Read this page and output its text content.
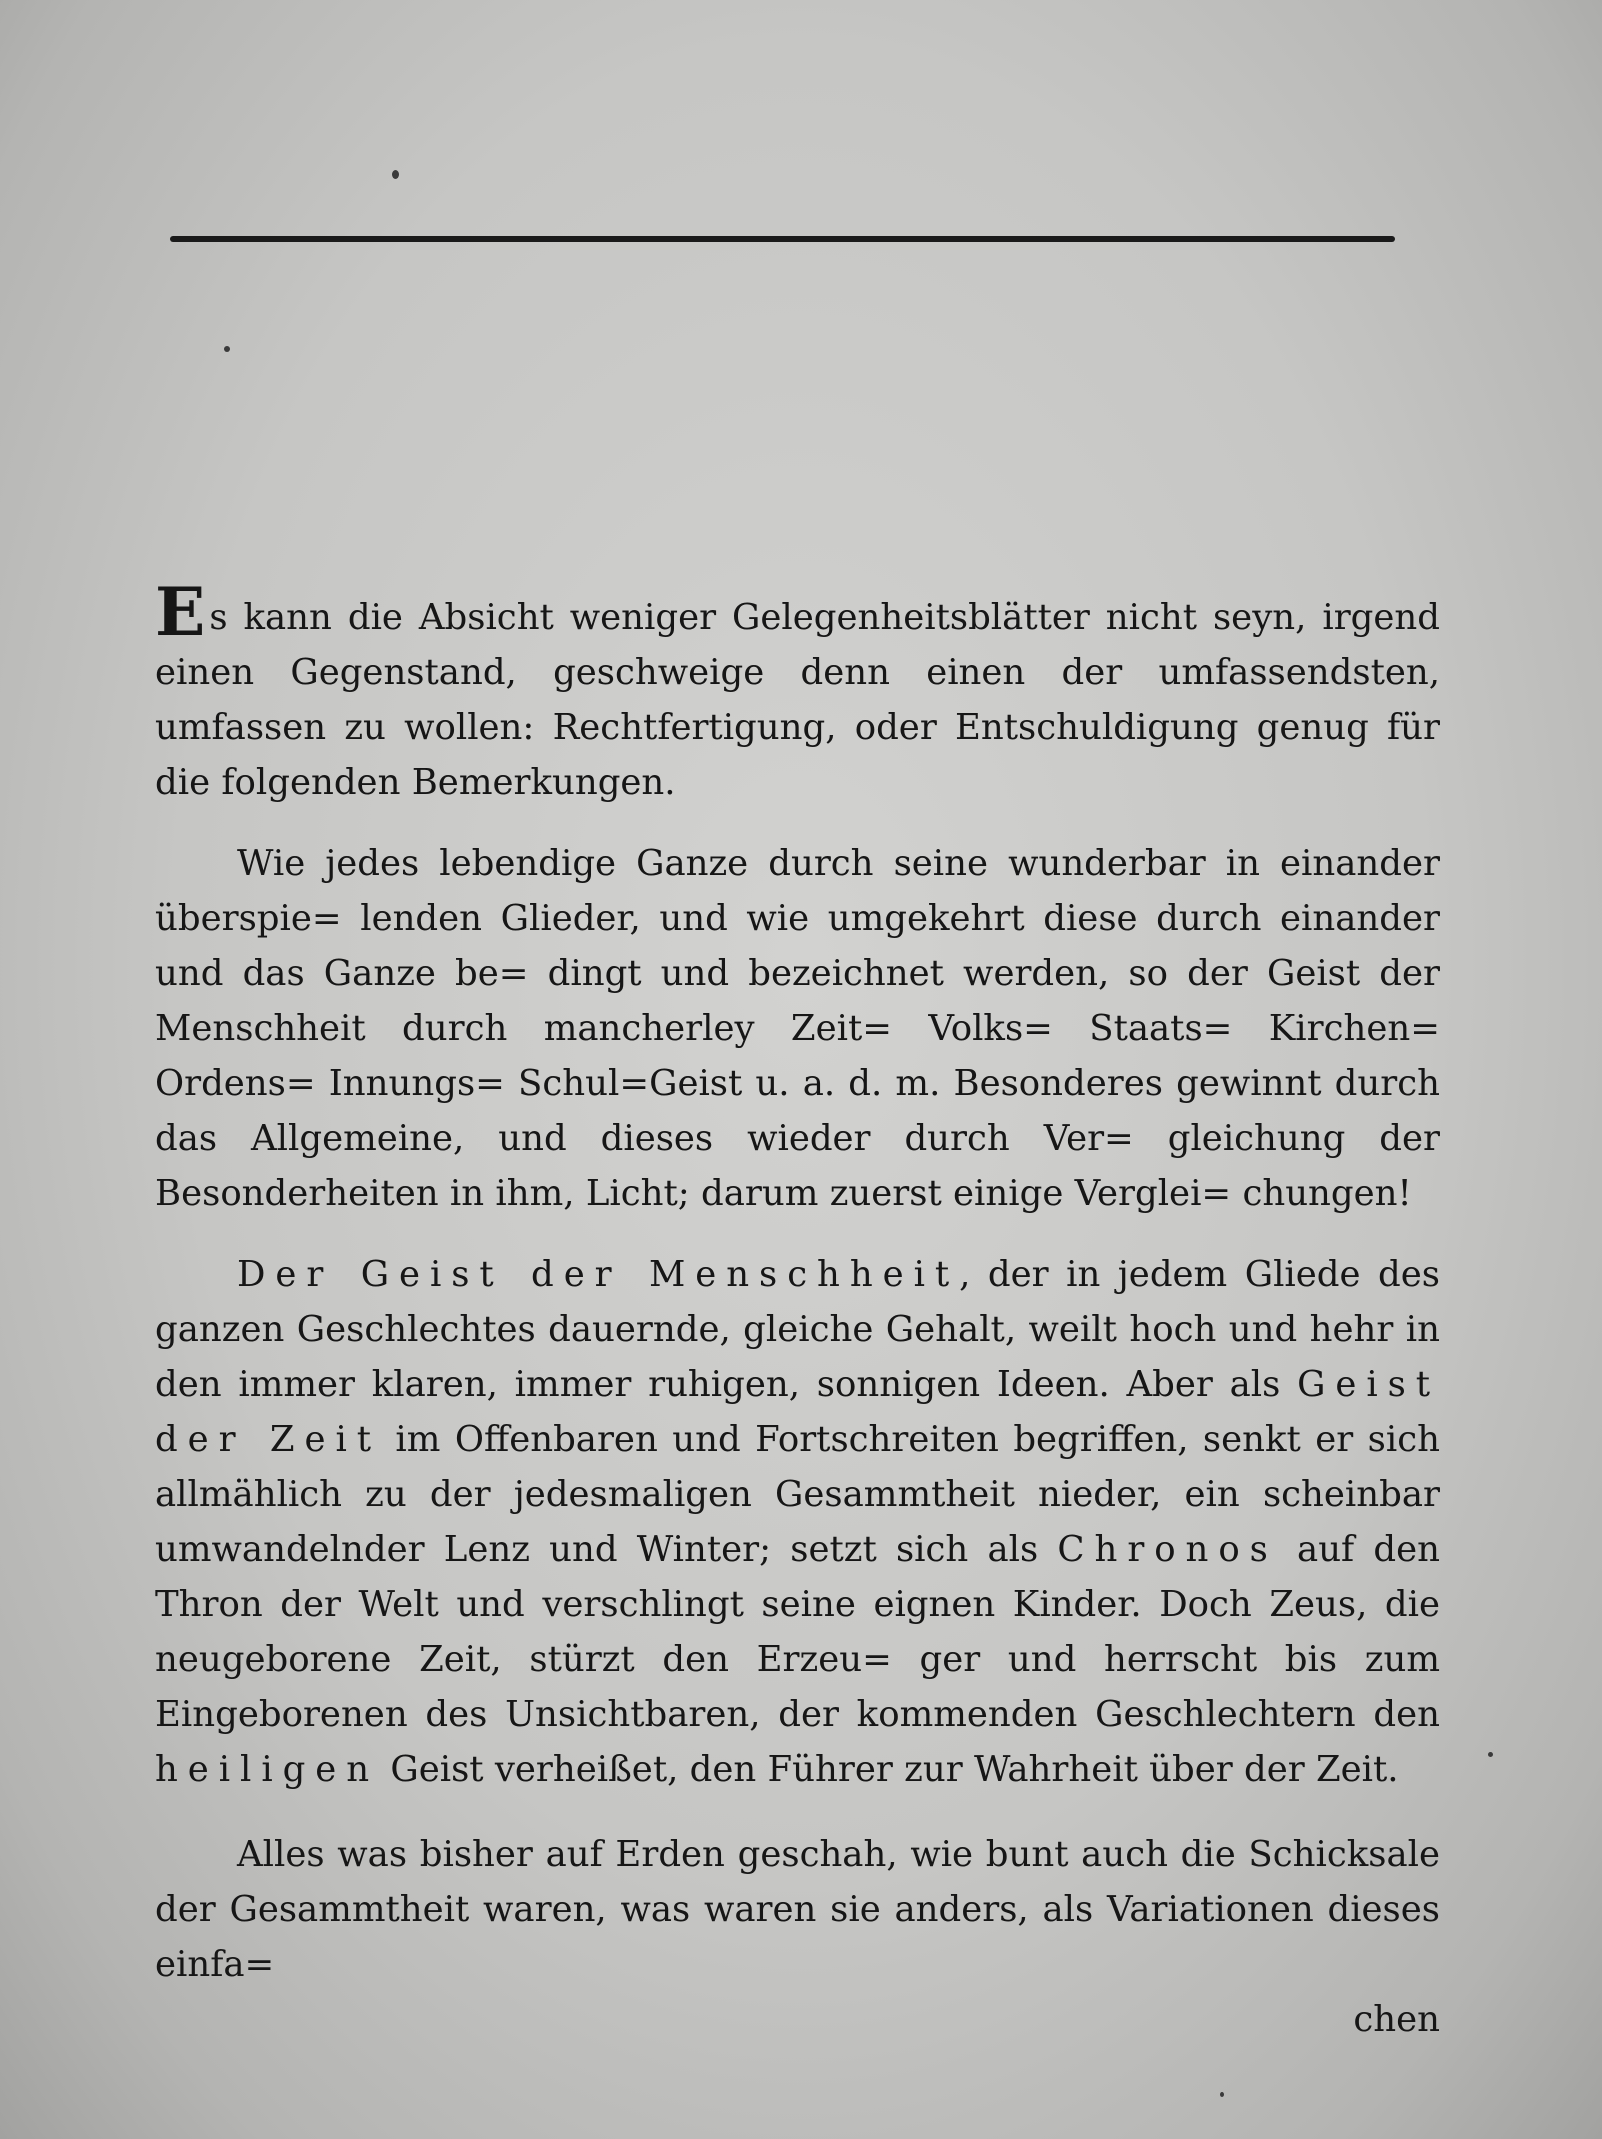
Es kann die Absicht weniger Gelegenheitsblätter nicht seyn, irgend einen Gegenstand, geschweige denn einen der umfassendsten, umfassen zu wollen: Rechtfertigung, oder Entschuldigung genug für die folgenden Bemerkungen.

Wie jedes lebendige Ganze durch seine wunderbar in einander überspie= lenden Glieder, und wie umgekehrt diese durch einander und das Ganze be= dingt und bezeichnet werden, so der Geist der Menschheit durch mancherley Zeit= Volks= Staats= Kirchen= Ordens= Innungs= Schul=Geist u. a. d. m. Besonderes gewinnt durch das Allgemeine, und dieses wieder durch Ver= gleichung der Besonderheiten in ihm, Licht; darum zuerst einige Verglei= chungen!

Der Geist der Menschheit, der in jedem Gliede des ganzen Geschlechtes dauernde, gleiche Gehalt, weilt hoch und hehr in den immer klaren, immer ruhigen, sonnigen Ideen. Aber als Geist der Zeit im Offenbaren und Fortschreiten begriffen, senkt er sich allmählich zu der jedesmaligen Gesammtheit nieder, ein scheinbar umwandelnder Lenz und Winter; setzt sich als Chronos auf den Thron der Welt und verschlingt seine eignen Kinder. Doch Zeus, die neugeborene Zeit, stürzt den Erzeu= ger und herrscht bis zum Eingeborenen des Unsichtbaren, der kommenden Geschlechtern den heiligen Geist verheißet, den Führer zur Wahrheit über der Zeit.

Alles was bisher auf Erden geschah, wie bunt auch die Schicksale der Gesammtheit waren, was waren sie anders, als Variationen dieses einfa=

chen
